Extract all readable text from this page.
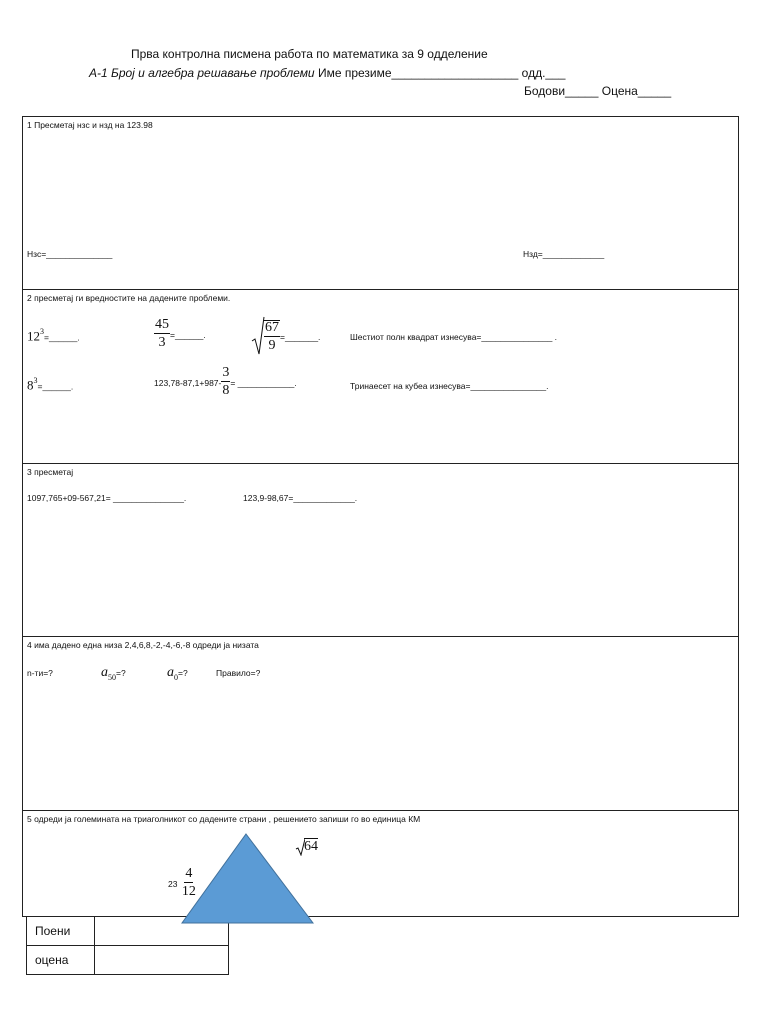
Прва контролна писмена работа по математика за 9 одделение
А-1 Број и алгебра решавање проблеми Име презиме___________________ одд.___
Бодови_____ Оцена_____
1 Пресметај нзс и нзд на 123.98
Нзс=______________	Нзд=_____________
2 пресметај ги вредностите на дадените проблеми.
$12^3=\_\_\_\_\_\_$.	$\frac{45}{3}$ =______.	$\frac{67}{9}$ =_______.	Шестиот полн квадрат изнесува=_______________ .
$8^3=\_\_\_\_\_\_$.	$123,78-87,1+987- \frac{3}{8}$ = ____________.	Тринаесет на кубеа изнесува=________________.
3 пресметај
1097,765+09-567,21= _______________.	123,9-98,67=_____________.
4 има дадено една низа 2,4,6,8,-2,-4,-6,-8 одреди ја низата
n-ти=?	$a_{50}=$?	$a_0=$?	Правило=?
5 одреди ја големината на триаголникот со дадените страни , решението запиши го во единица КМ
64
$23 \frac{4}{12}$
Поени	
оцена	
